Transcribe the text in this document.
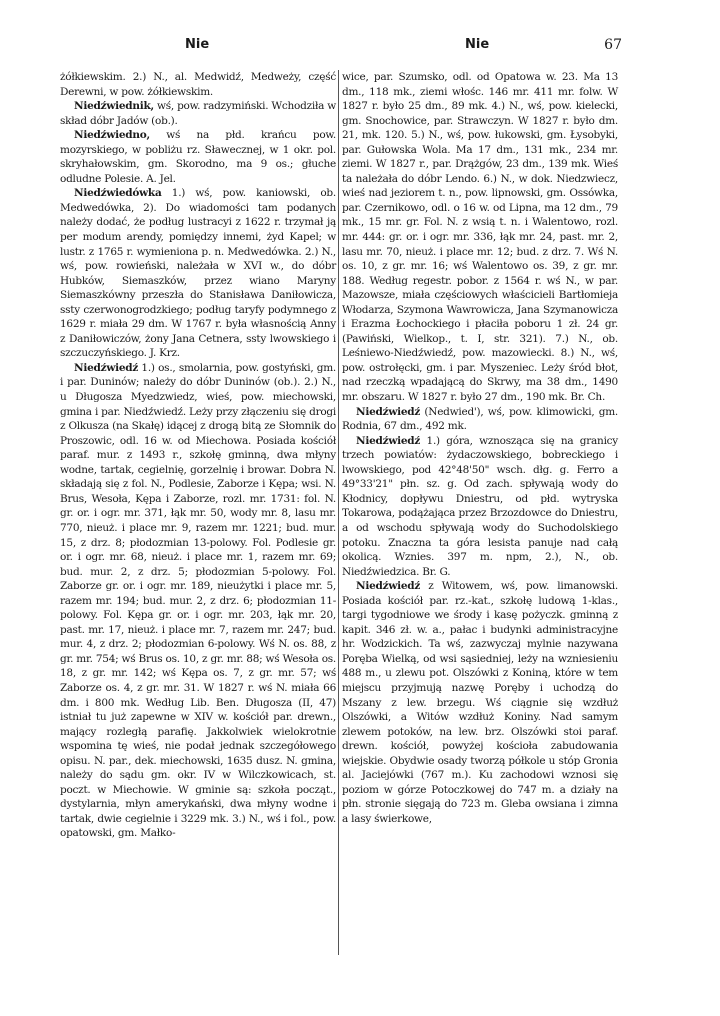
Nie	Nie	67

żółkiewskim. 2.) N., al. Medwidź, Medweży, część Derewni, w pow. żółkiewskim.

Niedźwiednik, wś, pow. radzymiński. Wchodziła w skład dóbr Jadów (ob.).

Niedźwiedno, wś na płd. krańcu pow. mozyrskiego, w pobliżu rz. Sławecznej, w 1 okr. pol. skryhałowskim, gm. Skorodno, ma 9 os.; głuche odludne Polesie. A. Jel.

Niedźwiedówka 1.) wś, pow. kaniowski, ob. Medwedówka, 2). Do wiadomości tam podanych należy dodać, że podług lustracyi z 1622 r. trzymał ją per modum arendy, pomiędzy innemi, żyd Kapel; w lustr. z 1765 r. wymieniona p. n. Medwedówka. 2.) N., wś, pow. rowieński, należała w XVI w., do dóbr Hubków, Siemaszków, przez wiano Maryny Siemaszkówny przeszła do Stanisława Daniłowicza, ssty czerwonogrodzkiego; podług taryfy podymnego z 1629 r. miała 29 dm. W 1767 r. była własnością Anny z Daniłowiczów, żony Jana Cetnera, ssty lwowskiego i szczuczyńskiego. J. Krz.

Niedźwiedź 1.) os., smolarnia, pow. gostyński, gm. i par. Duninów; należy do dóbr Duninów (ob.). 2.) N., u Długosza Myedzwiedz, wieś, pow. miechowski, gmina i par. Niedźwiedź. Leży przy złączeniu się drogi z Olkusza (na Skałę) idącej z drogą bitą ze Słomnik do Proszowic, odl. 16 w. od Miechowa. Posiada kościół paraf. mur. z 1493 r., szkołę gminną, dwa młyny wodne, tartak, cegielnię, gorzelnię i browar. Dobra N. składają się z fol. N., Podlesie, Zaborze i Kępa; wsi. N. Brus, Wesoła, Kępa i Zaborze, rozl. mr. 1731: fol. N. gr. or. i ogr. mr. 371, łąk mr. 50, wody mr. 8, lasu mr. 770, nieuż. i place mr. 9, razem mr. 1221; bud. mur. 15, z drz. 8; płodozmian 13-polowy. Fol. Podlesie gr. or. i ogr. mr. 68, nieuż. i place mr. 1, razem mr. 69; bud. mur. 2, z drz. 5; płodozmian 5-polowy. Fol. Zaborze gr. or. i ogr. mr. 189, nieużytki i place mr. 5, razem mr. 194; bud. mur. 2, z drz. 6; płodozmian 11-polowy. Fol. Kępa gr. or. i ogr. mr. 203, łąk mr. 20, past. mr. 17, nieuż. i place mr. 7, razem mr. 247; bud. mur. 4, z drz. 2; płodozmian 6-polowy. Wś N. os. 88, z gr. mr. 754; wś Brus os. 10, z gr. mr. 88; wś Wesoła os. 18, z gr. mr. 142; wś Kępa os. 7, z gr. mr. 57; wś Zaborze os. 4, z gr. mr. 31. W 1827 r. wś N. miała 66 dm. i 800 mk. Według Lib. Ben. Długosza (II, 47) istniał tu już zapewne w XIV w. kościół par. drewn., mający rozległą parafię. Jakkolwiek wielokrotnie wspomina tę wieś, nie podał jednak szczegółowego opisu. N. par., dek. miechowski, 1635 dusz. N. gmina, należy do sądu gm. okr. IV w Wilczkowicach, st. poczt. w Miechowie. W gminie są: szkoła począt., dystylarnia, młyn amerykański, dwa młyny wodne i tartak, dwie cegielnie i 3229 mk. 3.) N., wś i fol., pow. opatowski, gm. Małko-

wice, par. Szumsko, odl. od Opatowa w. 23. Ma 13 dm., 118 mk., ziemi włośc. 146 mr. 411 mr. folw. W 1827 r. było 25 dm., 89 mk. 4.) N., wś, pow. kielecki, gm. Snochowice, par. Strawczyn. W 1827 r. było dm. 21, mk. 120. 5.) N., wś, pow. łukowski, gm. Łysobyki, par. Gułowska Wola. Ma 17 dm., 131 mk., 234 mr. ziemi. W 1827 r., par. Drążgów, 23 dm., 139 mk. Wieś ta należała do dóbr Lendo. 6.) N., w dok. Niedzwiecz, wieś nad jeziorem t. n., pow. lipnowski, gm. Ossówka, par. Czernikowo, odl. o 16 w. od Lipna, ma 12 dm., 79 mk., 15 mr. gr. Fol. N. z wsią t. n. i Walentowo, rozl. mr. 444: gr. or. i ogr. mr. 336, łąk mr. 24, past. mr. 2, lasu mr. 70, nieuż. i place mr. 12; bud. z drz. 7. Wś N. os. 10, z gr. mr. 16; wś Walentowo os. 39, z gr. mr. 188. Według regestr. pobor. z 1564 r. wś N., w par. Mazowsze, miała częściowych właścicieli Bartłomieja Włodarza, Szymona Wawrowicza, Jana Szymanowicza i Erazma Łochockiego i płaciła poboru 1 zł. 24 gr. (Pawiński, Wielkop., t. I, str. 321). 7.) N., ob. Leśniewo-Niedźwiedź, pow. mazowiecki. 8.) N., wś, pow. ostrołęcki, gm. i par. Myszeniec. Leży śród błot, nad rzeczką wpadającą do Skrwy, ma 38 dm., 1490 mr. obszaru. W 1827 r. było 27 dm., 190 mk. Br. Ch.

Niedźwiedź (Nedwied'), wś, pow. klimowicki, gm. Rodnia, 67 dm., 492 mk.

Niedźwiedź 1.) góra, wznosząca się na granicy trzech powiatów: żydaczowskiego, bobreckiego i lwowskiego, pod 42°48'50" wsch. dłg. g. Ferro a 49°33'21" płn. sz. g. Od zach. spływają wody do Kłodnicy, dopływu Dniestru, od płd. wytryska Tokarowa, podążająca przez Brzozdowce do Dniestru, a od wschodu spływają wody do Suchodolskiego potoku. Znaczna ta góra lesista panuje nad całą okolicą. Wznies. 397 m. npm, 2.), N., ob. Niedźwiedzica. Br. G.

Niedźwiedź z Witowem, wś, pow. limanowski. Posiada kościół par. rz.-kat., szkołę ludową 1-klas., targi tygodniowe we środy i kasę pożyczk. gminną z kapit. 346 zł. w. a., pałac i budynki administracyjne hr. Wodzickich. Ta wś, zazwyczaj mylnie nazywana Poręba Wielką, od wsi sąsiedniej, leży na wzniesieniu 488 m., u zlewu pot. Olszówki z Koniną, które w tem miejscu przyjmują nazwę Poręby i uchodzą do Mszany z lew. brzegu. Wś ciągnie się wzdłuż Olszówki, a Witów wzdłuż Koniny. Nad samym zlewem potoków, na lew. brz. Olszówki stoi paraf. drewn. kościół, powyżej kościoła zabudowania wiejskie. Obydwie osady tworzą półkole u stóp Gronia al. Jaciejówki (767 m.). Ku zachodowi wznosi się poziom w górze Potoczkowej do 747 m. a działy na płn. stronie sięgają do 723 m. Gleba owsiana i zimna a lasy świerkowe,
